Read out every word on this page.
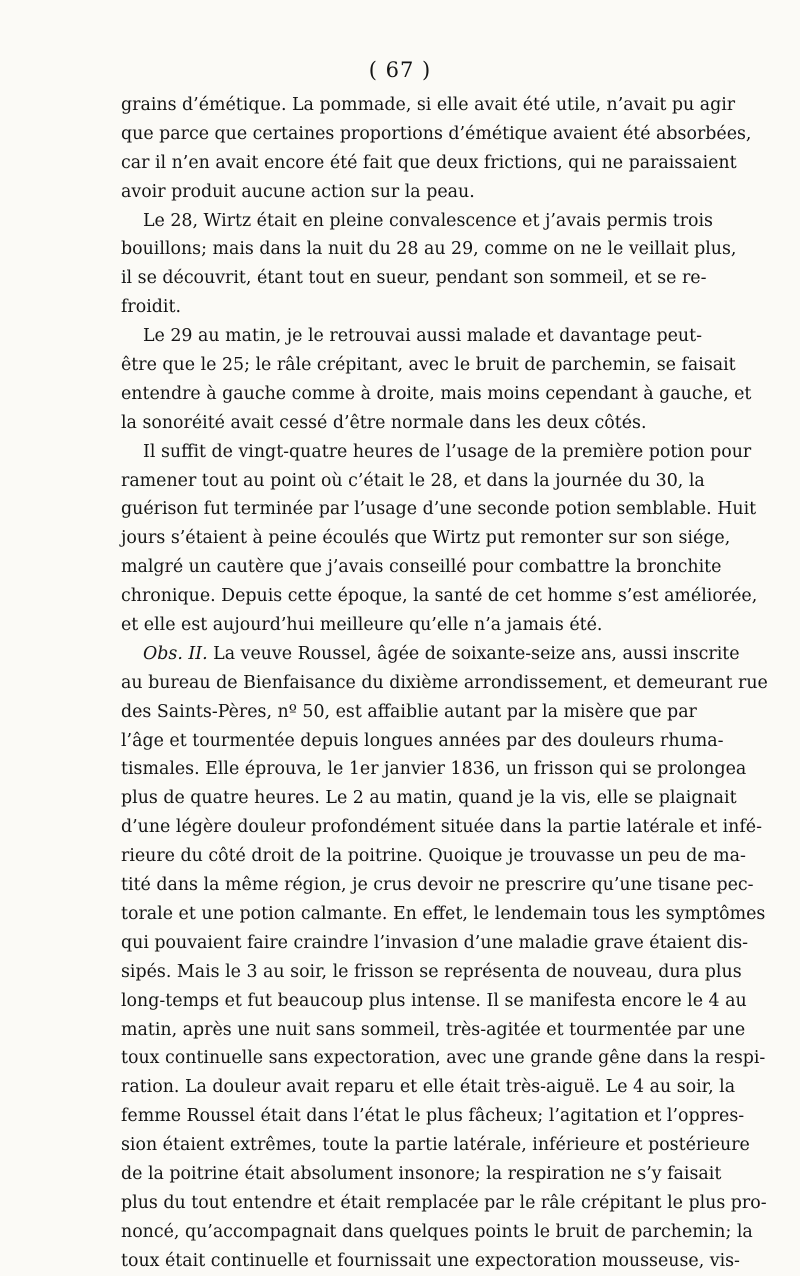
( 67 )
grains d’émétique. La pommade, si elle avait été utile, n’avait pu agir
que parce que certaines proportions d’émétique avaient été absorbées,
car il n’en avait encore été fait que deux frictions, qui ne paraissaient
avoir produit aucune action sur la peau.
Le 28, Wirtz était en pleine convalescence et j’avais permis trois
bouillons; mais dans la nuit du 28 au 29, comme on ne le veillait plus,
il se découvrit, étant tout en sueur, pendant son sommeil, et se re-
froidit.
Le 29 au matin, je le retrouvai aussi malade et davantage peut-
être que le 25; le râle crépitant, avec le bruit de parchemin, se faisait
entendre à gauche comme à droite, mais moins cependant à gauche, et
la sonoréité avait cessé d’être normale dans les deux côtés.
Il suffit de vingt-quatre heures de l’usage de la première potion pour
ramener tout au point où c’était le 28, et dans la journée du 30, la
guérison fut terminée par l’usage d’une seconde potion semblable. Huit
jours s’étaient à peine écoulés que Wirtz put remonter sur son siége,
malgré un cautère que j’avais conseillé pour combattre la bronchite
chronique. Depuis cette époque, la santé de cet homme s’est améliorée,
et elle est aujourd’hui meilleure qu’elle n’a jamais été.
Obs. II. La veuve Roussel, âgée de soixante-seize ans, aussi inscrite
au bureau de Bienfaisance du dixième arrondissement, et demeurant rue
des Saints-Pères, nº 50, est affaiblie autant par la misère que par
l’âge et tourmentée depuis longues années par des douleurs rhuma-
tismales. Elle éprouva, le 1er janvier 1836, un frisson qui se prolongea
plus de quatre heures. Le 2 au matin, quand je la vis, elle se plaignait
d’une légère douleur profondément située dans la partie latérale et infé-
rieure du côté droit de la poitrine. Quoique je trouvasse un peu de ma-
tité dans la même région, je crus devoir ne prescrire qu’une tisane pec-
torale et une potion calmante. En effet, le lendemain tous les symptômes
qui pouvaient faire craindre l’invasion d’une maladie grave étaient dis-
sipés. Mais le 3 au soir, le frisson se représenta de nouveau, dura plus
long-temps et fut beaucoup plus intense. Il se manifesta encore le 4 au
matin, après une nuit sans sommeil, très-agitée et tourmentée par une
toux continuelle sans expectoration, avec une grande gêne dans la respi-
ration. La douleur avait reparu et elle était très-aiguë. Le 4 au soir, la
femme Roussel était dans l’état le plus fâcheux; l’agitation et l’oppres-
sion étaient extrêmes, toute la partie latérale, inférieure et postérieure
de la poitrine était absolument insonore; la respiration ne s’y faisait
plus du tout entendre et était remplacée par le râle crépitant le plus pro-
noncé, qu’accompagnait dans quelques points le bruit de parchemin; la
toux était continuelle et fournissait une expectoration mousseuse, vis-
